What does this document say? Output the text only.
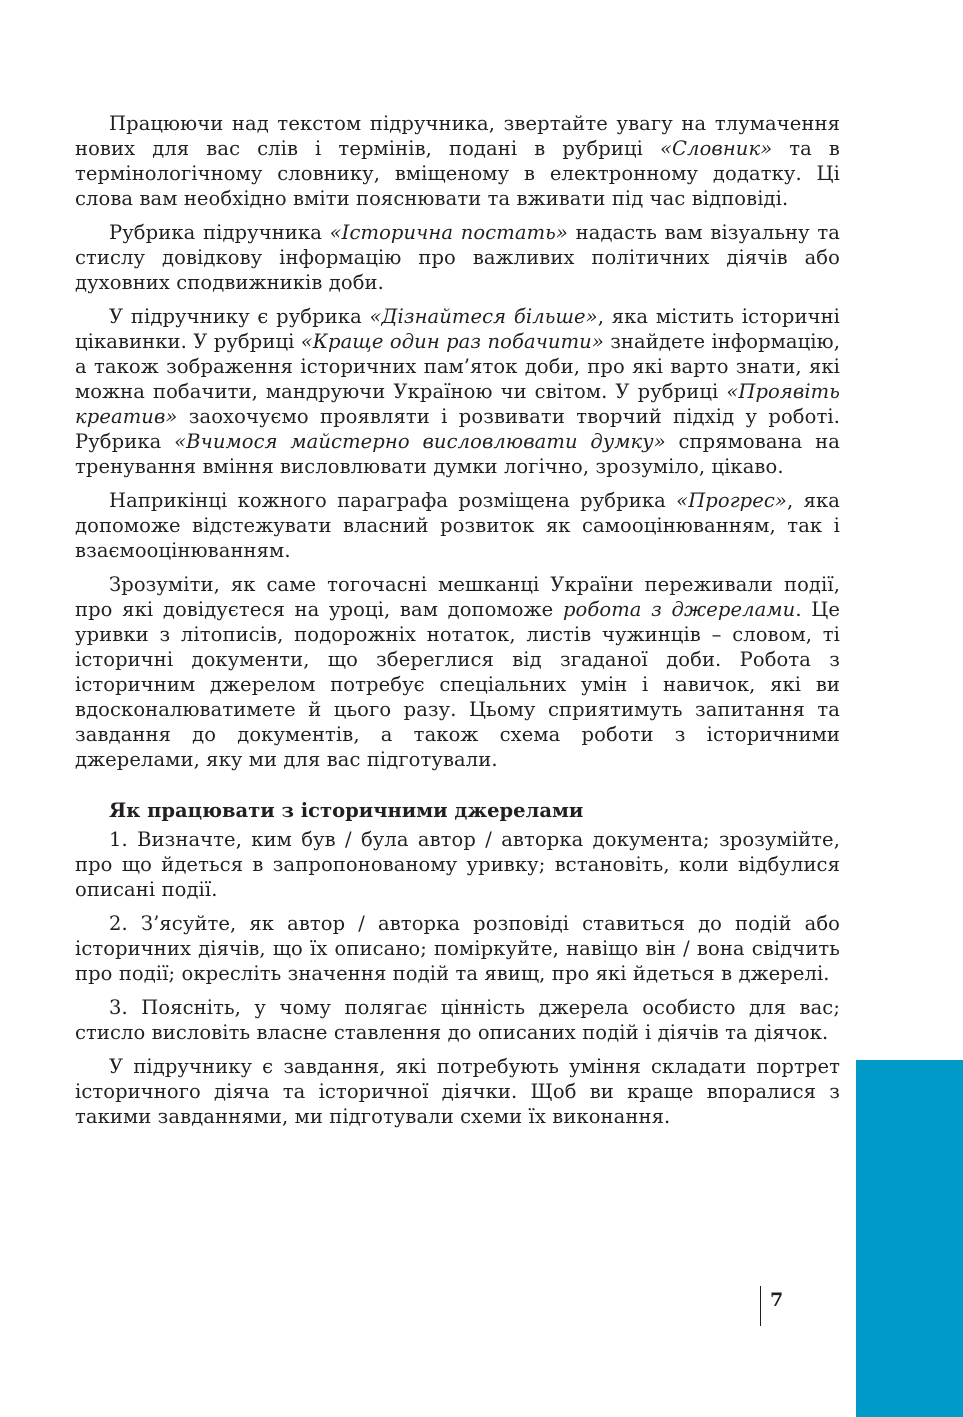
Працюючи над текстом підручника, звертайте увагу на тлумачення нових для вас слів і термінів, подані в рубриці «Словник» та в термінологічному словнику, вміщеному в електронному додатку. Ці слова вам необхідно вміти пояснювати та вживати під час відповіді.

Рубрика підручника «Історична постать» надасть вам візуальну та стислу довідкову інформацію про важливих політичних діячів або духовних сподвижників доби.

У підручнику є рубрика «Дізнайтеся більше», яка містить історичні цікавинки. У рубриці «Краще один раз побачити» знайдете інформацію, а також зображення історичних пам’яток доби, про які варто знати, які можна побачити, мандруючи Україною чи світом. У рубриці «Проявіть креатив» заохочуємо проявляти і розвивати творчий підхід у роботі. Рубрика «Вчимося майстерно висловлювати думку» спрямована на тренування вміння висловлювати думки логічно, зрозуміло, цікаво.

Наприкінці кожного параграфа розміщена рубрика «Прогрес», яка допоможе відстежувати власний розвиток як самооцінюванням, так і взаємооцінюванням.

Зрозуміти, як саме тогочасні мешканці України переживали події, про які довідуєтеся на уроці, вам допоможе робота з джерелами. Це уривки з літописів, подорожніх нотаток, листів чужинців – словом, ті історичні документи, що збереглися від згаданої доби. Робота з історичним джерелом потребує спеціальних умін і навичок, які ви вдосконалюватимете й цього разу. Цьому сприятимуть запитання та завдання до документів, а також схема роботи з історичними джерелами, яку ми для вас підготували.

Як працювати з історичними джерелами

1. Визначте, ким був / була автор / авторка документа; зрозумійте, про що йдеться в запропонованому уривку; встановіть, коли відбулися описані події.

2. З’ясуйте, як автор / авторка розповіді ставиться до подій або історичних діячів, що їх описано; поміркуйте, навіщо він / вона свідчить про події; окресліть значення подій та явищ, про які йдеться в джерелі.

3. Поясніть, у чому полягає цінність джерела особисто для вас; стисло висловіть власне ставлення до описаних подій і діячів та діячок.

У підручнику є завдання, які потребують уміння складати портрет історичного діяча та історичної діячки. Щоб ви краще впоралися з такими завданнями, ми підготували схеми їх виконання.

7
